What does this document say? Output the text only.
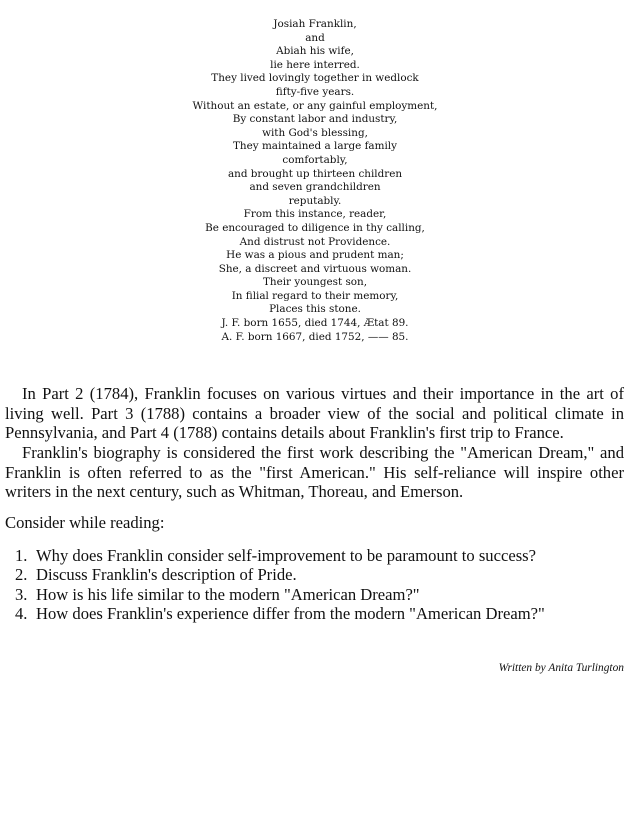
Josiah Franklin,
and
Abiah his wife,
lie here interred.
They lived lovingly together in wedlock
fifty-five years.
Without an estate, or any gainful employment,
By constant labor and industry,
with God's blessing,
They maintained a large family
comfortably,
and brought up thirteen children
and seven grandchildren
reputably.
From this instance, reader,
Be encouraged to diligence in thy calling,
And distrust not Providence.
He was a pious and prudent man;
She, a discreet and virtuous woman.
Their youngest son,
In filial regard to their memory,
Places this stone.
J. F. born 1655, died 1744, Ætat 89.
A. F. born 1667, died 1752, —— 85.

In Part 2 (1784), Franklin focuses on various virtues and their importance in the art of living well. Part 3 (1788) contains a broader view of the social and political climate in Pennsylvania, and Part 4 (1788) contains details about Franklin's first trip to France.

Franklin's biography is considered the first work describing the "American Dream," and Franklin is often referred to as the "first American." His self-reliance will inspire other writers in the next century, such as Whitman, Thoreau, and Emerson.

Consider while reading:

1. Why does Franklin consider self-improvement to be paramount to success?
2. Discuss Franklin's description of Pride.
3. How is his life similar to the modern "American Dream?"
4. How does Franklin's experience differ from the modern "American Dream?"

Written by Anita Turlington
